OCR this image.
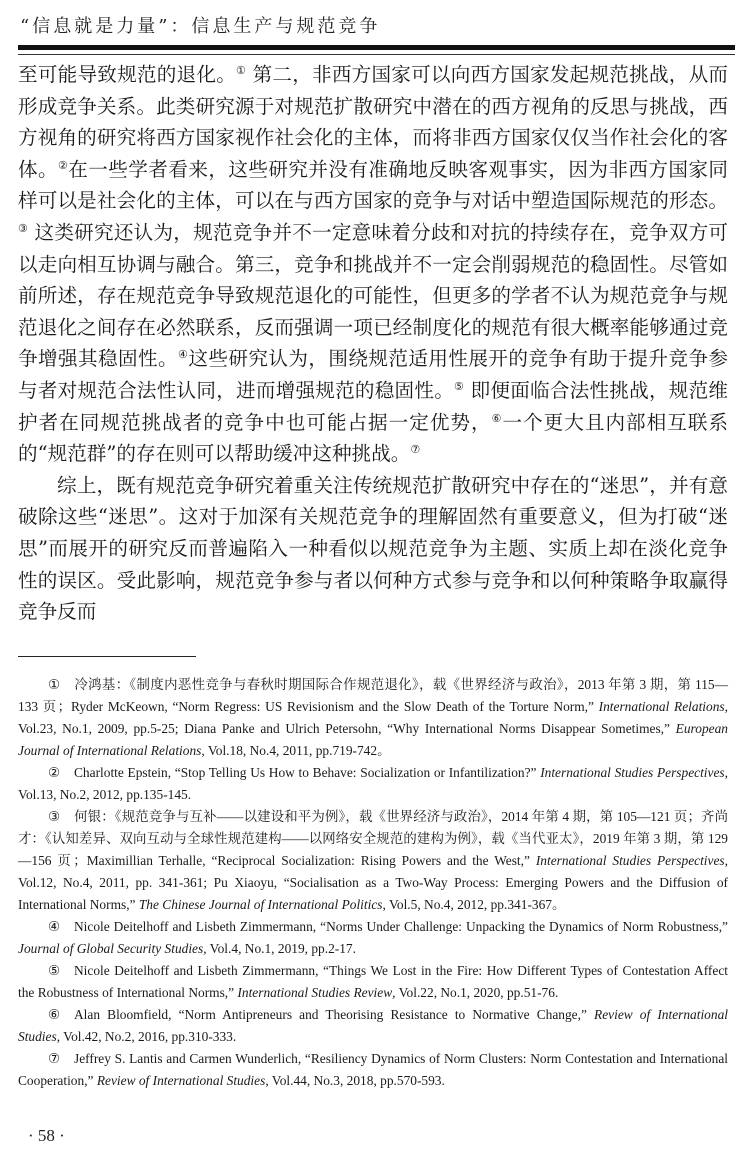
“信息就是力量”：信息生产与规范竞争

至可能导致规范的退化。① 第二，非西方国家可以向西方国家发起规范挑战，从而形成竞争关系。此类研究源于对规范扩散研究中潜在的西方视角的反思与挑战，西方视角的研究将西方国家视作社会化的主体，而将非西方国家仅仅当作社会化的客体。②在一些学者看来，这些研究并没有准确地反映客观事实，因为非西方国家同样可以是社会化的主体，可以在与西方国家的竞争与对话中塑造国际规范的形态。③ 这类研究还认为，规范竞争并不一定意味着分歧和对抗的持续存在，竞争双方可以走向相互协调与融合。第三，竞争和挑战并不一定会削弱规范的稳固性。尽管如前所述，存在规范竞争导致规范退化的可能性，但更多的学者不认为规范竞争与规范退化之间存在必然联系，反而强调一项已经制度化的规范有很大概率能够通过竞争增强其稳固性。④这些研究认为，围绕规范适用性展开的竞争有助于提升竞争参与者对规范合法性认同，进而增强规范的稳固性。⑤ 即便面临合法性挑战，规范维护者在同规范挑战者的竞争中也可能占据一定优势，⑥一个更大且内部相互联系的“规范群”的存在则可以帮助缓冲这种挑战。⑦

综上，既有规范竞争研究着重关注传统规范扩散研究中存在的“迷思”，并有意破除这些“迷思”。这对于加深有关规范竞争的理解固然有重要意义，但为打破“迷思”而展开的研究反而普遍陷入一种看似以规范竞争为主题、实质上却在淡化竞争性的误区。受此影响，规范竞争参与者以何种方式参与竞争和以何种策略争取赢得竞争反而

① 冷鸿基：《制度内恶性竞争与春秋时期国际合作规范退化》，载《世界经济与政治》，2013 年第 3 期，第 115—133 页；Ryder McKeown, “Norm Regress: US Revisionism and the Slow Death of the Torture Norm,” International Relations, Vol.23, No.1, 2009, pp.5-25; Diana Panke and Ulrich Petersohn, “Why International Norms Disappear Sometimes,” European Journal of International Relations, Vol.18, No.4, 2011, pp.719-742。

② Charlotte Epstein, “Stop Telling Us How to Behave: Socialization or Infantilization?” International Studies Perspectives, Vol.13, No.2, 2012, pp.135-145.

③ 何银：《规范竞争与互补——以建设和平为例》，载《世界经济与政治》，2014 年第 4 期，第 105—121 页；齐尚才：《认知差异、双向互动与全球性规范建构——以网络安全规范的建构为例》，载《当代亚太》，2019 年第 3 期，第 129—156 页；Maximillian Terhalle, “Reciprocal Socialization: Rising Powers and the West,” International Studies Perspectives, Vol.12, No.4, 2011, pp. 341-361; Pu Xiaoyu, “Socialisation as a Two-Way Process: Emerging Powers and the Diffusion of International Norms,” The Chinese Journal of International Politics, Vol.5, No.4, 2012, pp.341-367。

④ Nicole Deitelhoff and Lisbeth Zimmermann, “Norms Under Challenge: Unpacking the Dynamics of Norm Robustness,” Journal of Global Security Studies, Vol.4, No.1, 2019, pp.2-17.

⑤ Nicole Deitelhoff and Lisbeth Zimmermann, “Things We Lost in the Fire: How Different Types of Contestation Affect the Robustness of International Norms,” International Studies Review, Vol.22, No.1, 2020, pp.51-76.

⑥ Alan Bloomfield, “Norm Antipreneurs and Theorising Resistance to Normative Change,” Review of International Studies, Vol.42, No.2, 2016, pp.310-333.

⑦ Jeffrey S. Lantis and Carmen Wunderlich, “Resiliency Dynamics of Norm Clusters: Norm Contestation and International Cooperation,” Review of International Studies, Vol.44, No.3, 2018, pp.570-593.

· 58 ·
